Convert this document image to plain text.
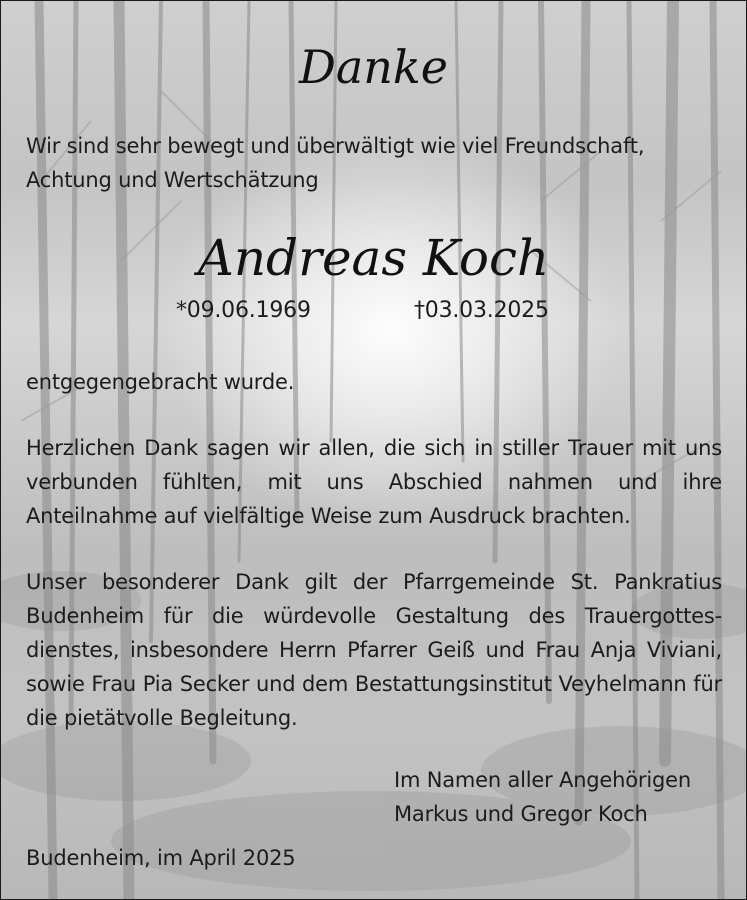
Danke

Wir sind sehr bewegt und überwältigt wie viel Freundschaft, Achtung und Wertschätzung

Andreas Koch

*09.06.1969	†03.03.2025

entgegengebracht wurde.

Herzlichen Dank sagen wir allen, die sich in stiller Trauer mit uns verbunden fühlten, mit uns Abschied nahmen und ihre Anteilnahme auf vielfältige Weise zum Ausdruck brachten.

Unser besonderer Dank gilt der Pfarrgemeinde St. Pankratius Budenheim für die würdevolle Gestaltung des Trauergottes-dienstes, insbesondere Herrn Pfarrer Geiß und Frau Anja Viviani, sowie Frau Pia Secker und dem Bestattungsinstitut Veyhelmann für die pietätvolle Begleitung.

Im Namen aller Angehörigen

Markus und Gregor Koch

Budenheim, im April 2025
